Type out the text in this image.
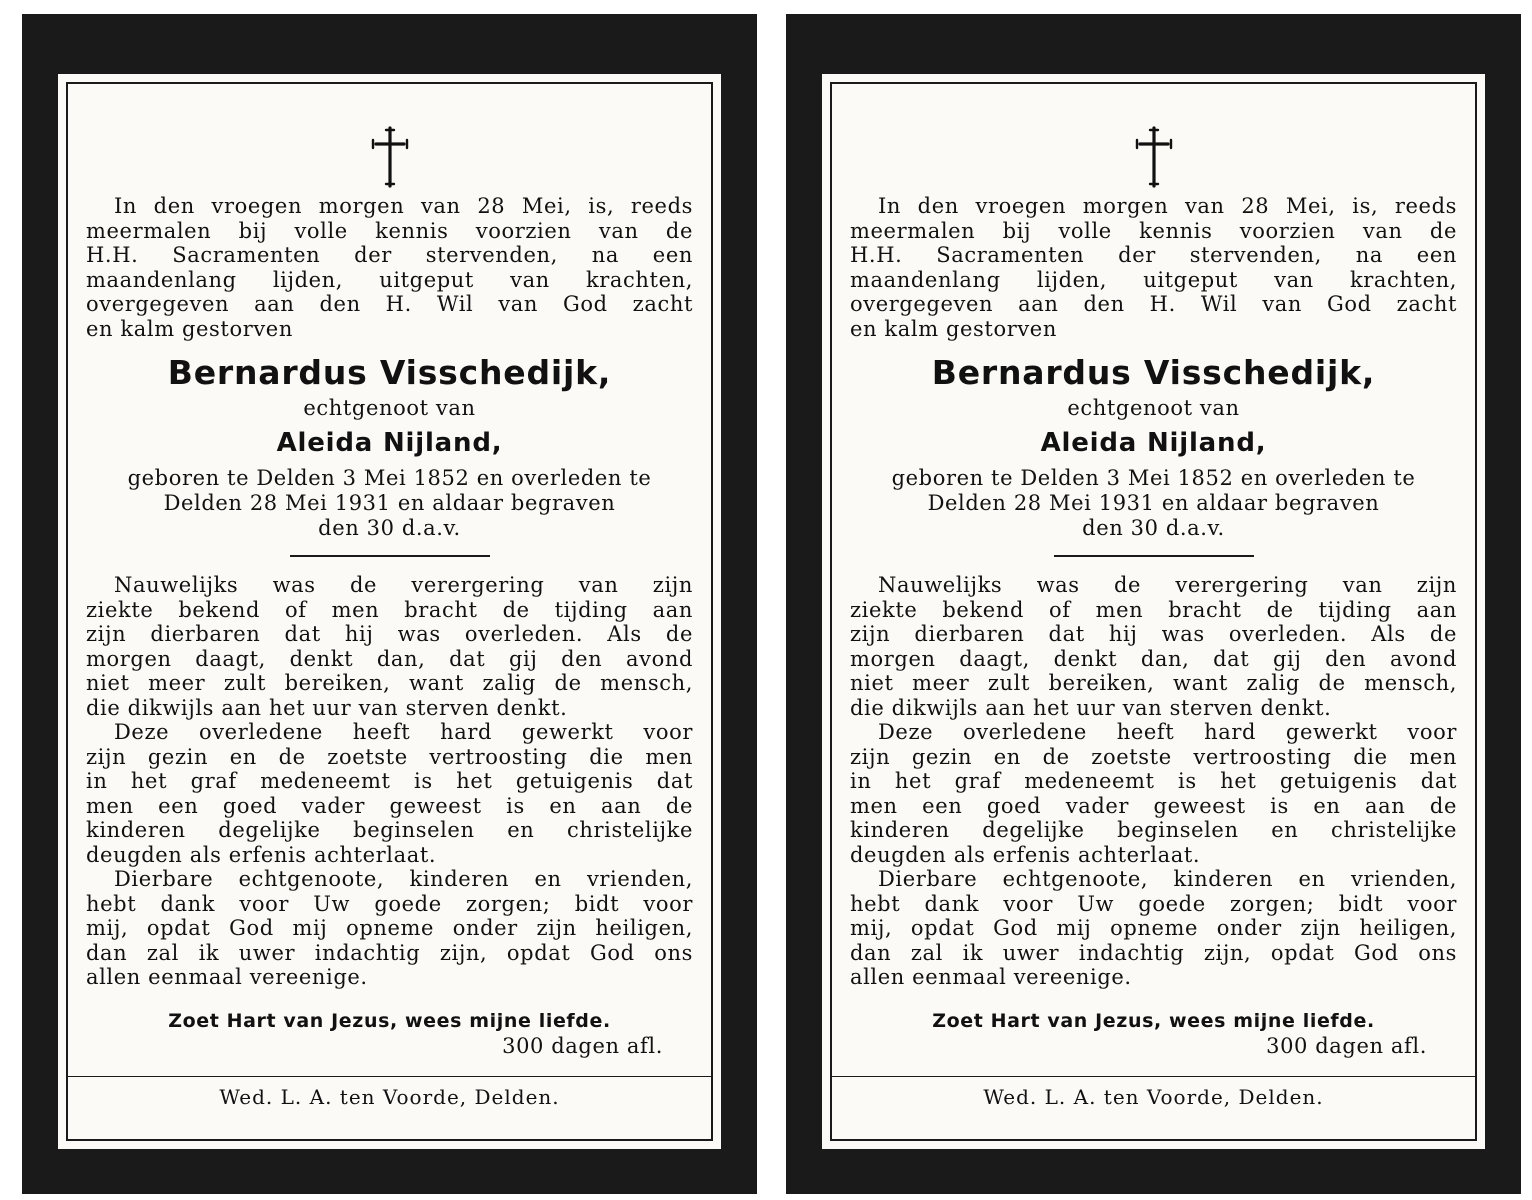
In den vroegen morgen van 28 Mei, is, reeds
meermalen bij volle kennis voorzien van de
H.H. Sacramenten der stervenden, na een
maandenlang lijden, uitgeput van krachten,
overgegeven aan den H. Wil van God zacht
en kalm gestorven

Bernardus Visschedijk,
echtgenoot van
Aleida Nijland,

geboren te Delden 3 Mei 1852 en overleden te
Delden 28 Mei 1931 en aldaar begraven
den 30 d.a.v.

Nauwelijks was de verergering van zijn
ziekte bekend of men bracht de tijding aan
zijn dierbaren dat hij was overleden. Als de
morgen daagt, denkt dan, dat gij den avond
niet meer zult bereiken, want zalig de mensch,
die dikwijls aan het uur van sterven denkt.
Deze overledene heeft hard gewerkt voor
zijn gezin en de zoetste vertroosting die men
in het graf medeneemt is het getuigenis dat
men een goed vader geweest is en aan de
kinderen degelijke beginselen en christelijke
deugden als erfenis achterlaat.
Dierbare echtgenoote, kinderen en vrienden,
hebt dank voor Uw goede zorgen; bidt voor
mij, opdat God mij opneme onder zijn heiligen,
dan zal ik uwer indachtig zijn, opdat God ons
allen eenmaal vereenige.

Zoet Hart van Jezus, wees mijne liefde.
300 dagen afl.
Wed. L. A. ten Voorde, Delden.

In den vroegen morgen van 28 Mei, is, reeds
meermalen bij volle kennis voorzien van de
H.H. Sacramenten der stervenden, na een
maandenlang lijden, uitgeput van krachten,
overgegeven aan den H. Wil van God zacht
en kalm gestorven

Bernardus Visschedijk,
echtgenoot van
Aleida Nijland,

geboren te Delden 3 Mei 1852 en overleden te
Delden 28 Mei 1931 en aldaar begraven
den 30 d.a.v.

Nauwelijks was de verergering van zijn
ziekte bekend of men bracht de tijding aan
zijn dierbaren dat hij was overleden. Als de
morgen daagt, denkt dan, dat gij den avond
niet meer zult bereiken, want zalig de mensch,
die dikwijls aan het uur van sterven denkt.
Deze overledene heeft hard gewerkt voor
zijn gezin en de zoetste vertroosting die men
in het graf medeneemt is het getuigenis dat
men een goed vader geweest is en aan de
kinderen degelijke beginselen en christelijke
deugden als erfenis achterlaat.
Dierbare echtgenoote, kinderen en vrienden,
hebt dank voor Uw goede zorgen; bidt voor
mij, opdat God mij opneme onder zijn heiligen,
dan zal ik uwer indachtig zijn, opdat God ons
allen eenmaal vereenige.

Zoet Hart van Jezus, wees mijne liefde.
300 dagen afl.
Wed. L. A. ten Voorde, Delden.
